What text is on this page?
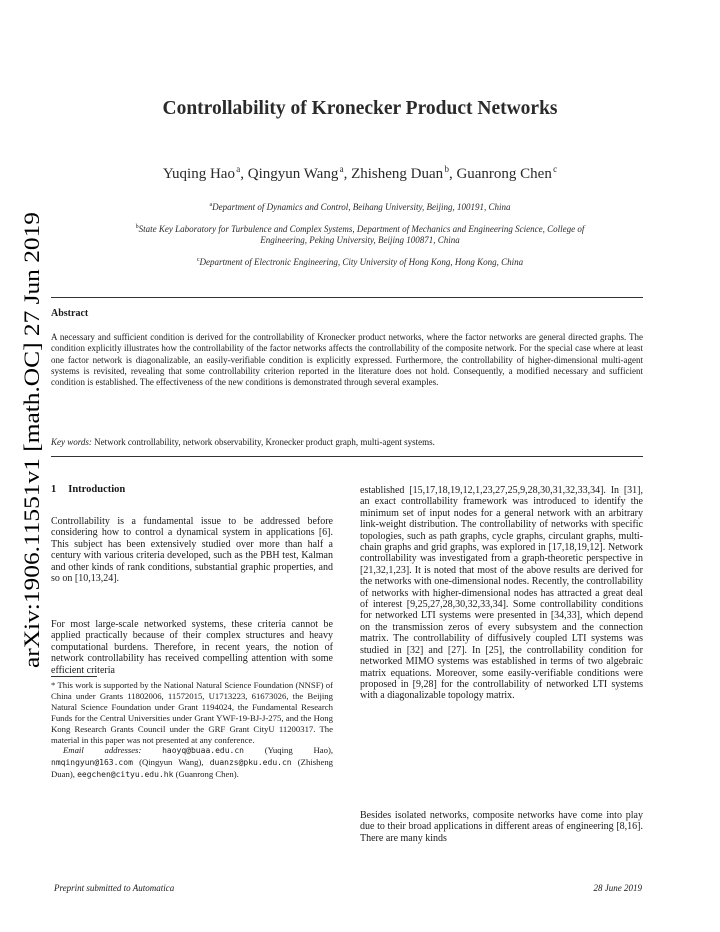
arXiv:1906.11551v1 [math.OC] 27 Jun 2019
Controllability of Kronecker Product Networks
Yuqing Hao $^a$, Qingyun Wang $^a$, Zhisheng Duan $^b$, Guanrong Chen $^c$
$^a$Department of Dynamics and Control, Beihang University, Beijing, 100191, China
$^b$State Key Laboratory for Turbulence and Complex Systems, Department of Mechanics and Engineering Science, College of
Engineering, Peking University, Beijing 100871, China
$^c$Department of Electronic Engineering, City University of Hong Kong, Hong Kong, China
Abstract
A necessary and sufficient condition is derived for the controllability of Kronecker product networks, where the factor networks are general directed graphs. The condition explicitly illustrates how the controllability of the factor networks affects the controllability of the composite network. For the special case where at least one factor network is diagonalizable, an easily-verifiable condition is explicitly expressed. Furthermore, the controllability of higher-dimensional multi-agent systems is revisited, revealing that some controllability criterion reported in the literature does not hold. Consequently, a modified necessary and sufficient condition is established. The effectiveness of the new conditions is demonstrated through several examples.
Key words: Network controllability, network observability, Kronecker product graph, multi-agent systems.
1 Introduction

Controllability is a fundamental issue to be addressed before considering how to control a dynamical system in applications [6]. This subject has been extensively studied over more than half a century with various criteria developed, such as the PBH test, Kalman and other kinds of rank conditions, substantial graphic properties, and so on [10,13,24].

For most large-scale networked systems, these criteria cannot be applied practically because of their complex structures and heavy computational burdens. Therefore, in recent years, the notion of network controllability has received compelling attention with some efficient criteria

* This work is supported by the National Natural Science Foundation (NNSF) of China under Grants 11802006, 11572015, U1713223, 61673026, the Beijing Natural Science Foundation under Grant 1194024, the Fundamental Research Funds for the Central Universities under Grant YWF-19-BJ-J-275, and the Hong Kong Research Grants Council under the GRF Grant CityU 11200317. The material in this paper was not presented at any conference.

Email addresses:	haoyq@buaa.edu.cn (Yuqing Hao), nmqingyun@163.com (Qingyun Wang), duanzs@pku.edu.cn (Zhisheng Duan), eegchen@cityu.edu.hk (Guanrong Chen).

established [15,17,18,19,12,1,23,27,25,9,28,30,31,32,33,34]. In [31], an exact controllability framework was introduced to identify the minimum set of input nodes for a general network with an arbitrary link-weight distribution. The controllability of networks with specific topologies, such as path graphs, cycle graphs, circulant graphs, multi-chain graphs and grid graphs, was explored in [17,18,19,12]. Network controllability was investigated from a graph-theoretic perspective in [21,32,1,23]. It is noted that most of the above results are derived for the networks with one-dimensional nodes. Recently, the controllability of networks with higher-dimensional nodes has attracted a great deal of interest [9,25,27,28,30,32,33,34]. Some controllability conditions for networked LTI systems were presented in [34,33], which depend on the transmission zeros of every subsystem and the connection matrix. The controllability of diffusively coupled LTI systems was studied in [32] and [27]. In [25], the controllability condition for networked MIMO systems was established in terms of two algebraic matrix equations. Moreover, some easily-verifiable conditions were proposed in [9,28] for the controllability of networked LTI systems with a diagonalizable topology matrix.

Besides isolated networks, composite networks have come into play due to their broad applications in different areas of engineering [8,16]. There are many kinds

Preprint submitted to Automatica	28 June 2019
